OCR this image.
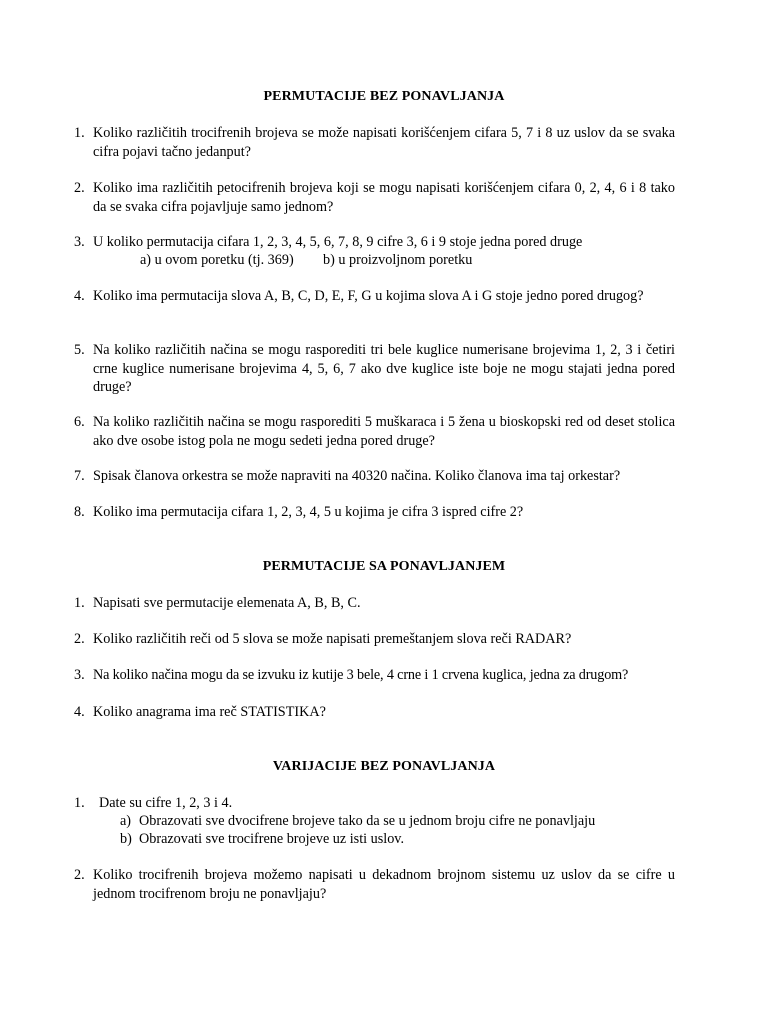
PERMUTACIJE BEZ PONAVLJANJA
1. Koliko različitih trocifrenih brojeva se može napisati korišćenjem cifara 5, 7 i 8 uz uslov da se svaka cifra pojavi tačno jedanput?
2. Koliko ima različitih petocifrenih brojeva koji se mogu napisati korišćenjem cifara 0, 2, 4, 6 i 8 tako da se svaka cifra pojavljuje samo jednom?
3. U koliko permutacija cifara 1, 2, 3, 4, 5, 6, 7, 8, 9 cifre 3, 6 i 9 stoje jedna pored druge
a) u ovom poretku (tj. 369) b) u proizvoljnom poretku
4. Koliko ima permutacija slova A, B, C, D, E, F, G u kojima slova A i G stoje jedno pored drugog?
5. Na koliko različitih načina se mogu rasporediti tri bele kuglice numerisane brojevima 1, 2, 3 i četiri crne kuglice numerisane brojevima 4, 5, 6, 7 ako dve kuglice iste boje ne mogu stajati jedna pored druge?
6. Na koliko različitih načina se mogu rasporediti 5 muškaraca i 5 žena u bioskopski red od deset stolica ako dve osobe istog pola ne mogu sedeti jedna pored druge?
7. Spisak članova orkestra se može napraviti na 40320 načina. Koliko članova ima taj orkestar?
8. Koliko ima permutacija cifara 1, 2, 3, 4, 5 u kojima je cifra 3 ispred cifre 2?
PERMUTACIJE SA PONAVLJANJEM
1. Napisati sve permutacije elemenata A, B, B, C.
2. Koliko različitih reči od 5 slova se može napisati premeštanjem slova reči RADAR?
3. Na koliko načina mogu da se izvuku iz kutije 3 bele, 4 crne i 1 crvena kuglica, jedna za drugom?
4. Koliko anagrama ima reč STATISTIKA?
VARIJACIJE BEZ PONAVLJANJA
1. Date su cifre 1, 2, 3 i 4.
a) Obrazovati sve dvocifrene brojeve tako da se u jednom broju cifre ne ponavljaju
b) Obrazovati sve trocifrene brojeve uz isti uslov.
2. Koliko trocifrenih brojeva možemo napisati u dekadnom brojnom sistemu uz uslov da se cifre u jednom trocifrenom broju ne ponavljaju?
